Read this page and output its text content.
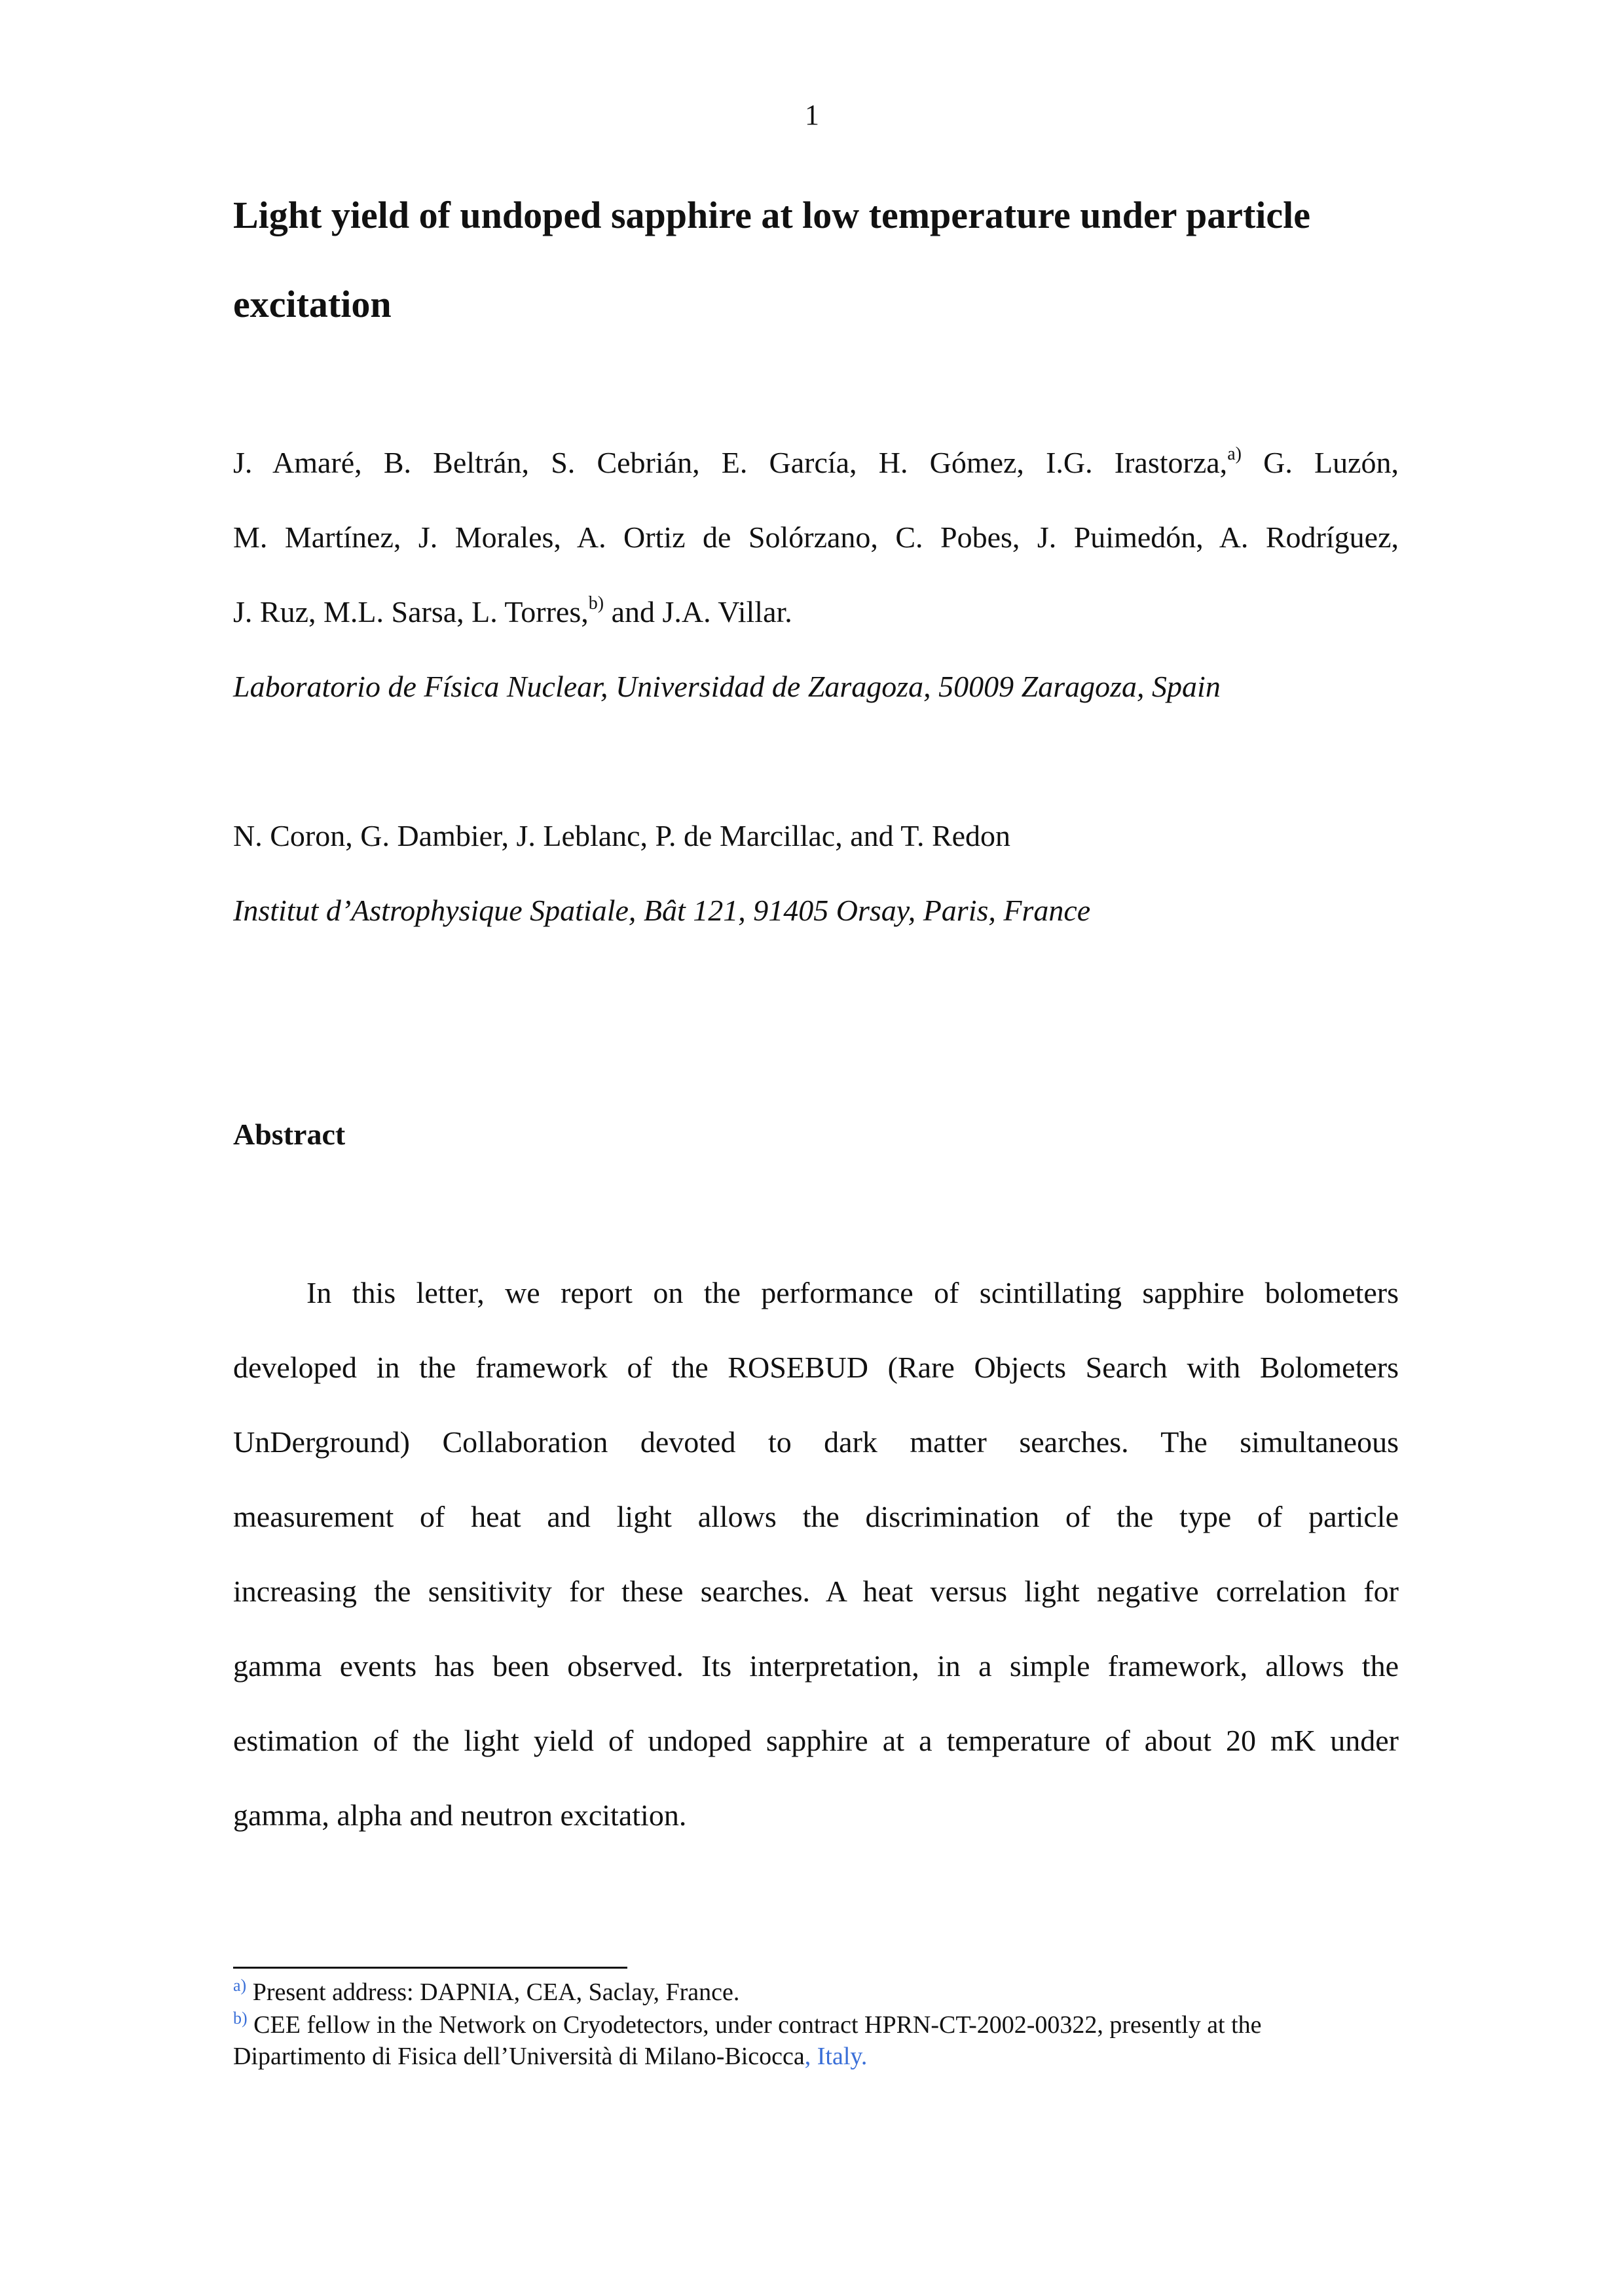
1
Light yield of undoped sapphire at low temperature under particle
excitation
J. Amaré, B. Beltrán, S. Cebrián, E. García, H. Gómez, I.G. Irastorza,$^{a)}$ G. Luzón,
M. Martínez, J. Morales, A. Ortiz de Solórzano, C. Pobes, J. Puimedón, A. Rodríguez,
J. Ruz, M.L. Sarsa, L. Torres,$^{b)}$ and J.A. Villar.
Laboratorio de Física Nuclear, Universidad de Zaragoza, 50009 Zaragoza, Spain
N. Coron, G. Dambier, J. Leblanc, P. de Marcillac, and T. Redon
Institut d’Astrophysique Spatiale, Bât 121, 91405 Orsay, Paris, France
Abstract
In this letter, we report on the performance of scintillating sapphire bolometers
developed in the framework of the ROSEBUD (Rare Objects Search with Bolometers
UnDerground) Collaboration devoted to dark matter searches. The simultaneous
measurement of heat and light allows the discrimination of the type of particle
increasing the sensitivity for these searches. A heat versus light negative correlation for
gamma events has been observed. Its interpretation, in a simple framework, allows the
estimation of the light yield of undoped sapphire at a temperature of about 20 mK under
gamma, alpha and neutron excitation.
$^{a)}$ Present address: DAPNIA, CEA, Saclay, France.
$^{b)}$ CEE fellow in the Network on Cryodetectors, under contract HPRN-CT-2002-00322, presently at the
Dipartimento di Fisica dell’Università di Milano-Bicocca, Italy.
